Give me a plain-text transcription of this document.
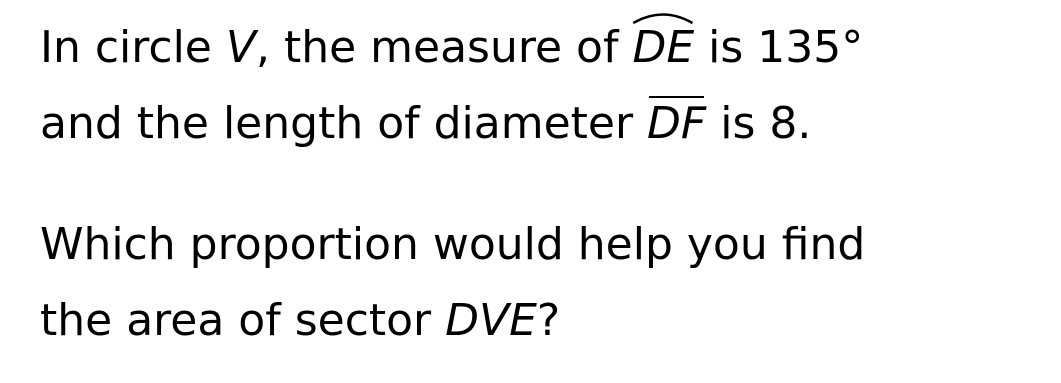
In circle V, the measure of
DE is 135°
and the length of diameter
DF is 8.
Which proportion would help you find
the area of sector DVE?
